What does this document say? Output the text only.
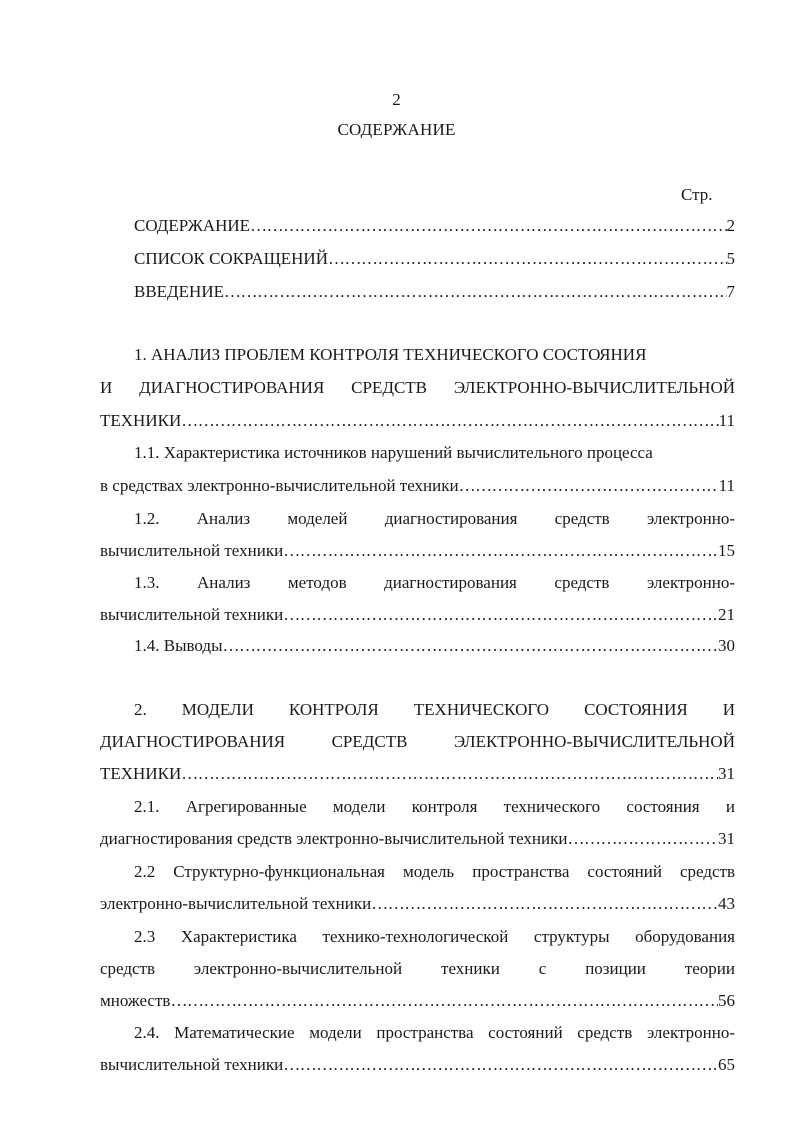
2
СОДЕРЖАНИЕ
Стр.
СОДЕРЖАНИЕ ……………………………………………………………………………………………………………………………………………………………………	2
СПИСОК СОКРАЩЕНИЙ ……………………………………………………………………………………………………………………………………………………………………	5
ВВЕДЕНИЕ ……………………………………………………………………………………………………………………………………………………………………	7
1. АНАЛИЗ ПРОБЛЕМ КОНТРОЛЯ ТЕХНИЧЕСКОГО СОСТОЯНИЯ
И ДИАГНОСТИРОВАНИЯ СРЕДСТВ ЭЛЕКТРОННО-ВЫЧИСЛИТЕЛЬНОЙ
ТЕХНИКИ ……………………………………………………………………………………………………………………………………………………………………	11
1.1. Характеристика источников нарушений вычислительного процесса
в средствах электронно-вычислительной техники ……………………………………………………………………………………………………………………………………………………………………	11
1.2. Анализ моделей диагностирования средств электронно-
вычислительной техники ……………………………………………………………………………………………………………………………………………………………………	15
1.3. Анализ методов диагностирования средств электронно-
вычислительной техники ……………………………………………………………………………………………………………………………………………………………………	21
1.4. Выводы ……………………………………………………………………………………………………………………………………………………………………	30
2. МОДЕЛИ КОНТРОЛЯ ТЕХНИЧЕСКОГО СОСТОЯНИЯ И
ДИАГНОСТИРОВАНИЯ СРЕДСТВ ЭЛЕКТРОННО-ВЫЧИСЛИТЕЛЬНОЙ
ТЕХНИКИ ……………………………………………………………………………………………………………………………………………………………………	31
2.1. Агрегированные модели контроля технического состояния и
диагностирования средств электронно-вычислительной техники ……………………………………………………………………………………………………………………………………………………………………	31
2.2 Структурно-функциональная модель пространства состояний средств
электронно-вычислительной техники ……………………………………………………………………………………………………………………………………………………………………	43
2.3 Характеристика технико-технологической структуры оборудования
средств электронно-вычислительной техники с позиции теории
множеств ……………………………………………………………………………………………………………………………………………………………………	56
2.4. Математические модели пространства состояний средств электронно-
вычислительной техники ……………………………………………………………………………………………………………………………………………………………………	65
